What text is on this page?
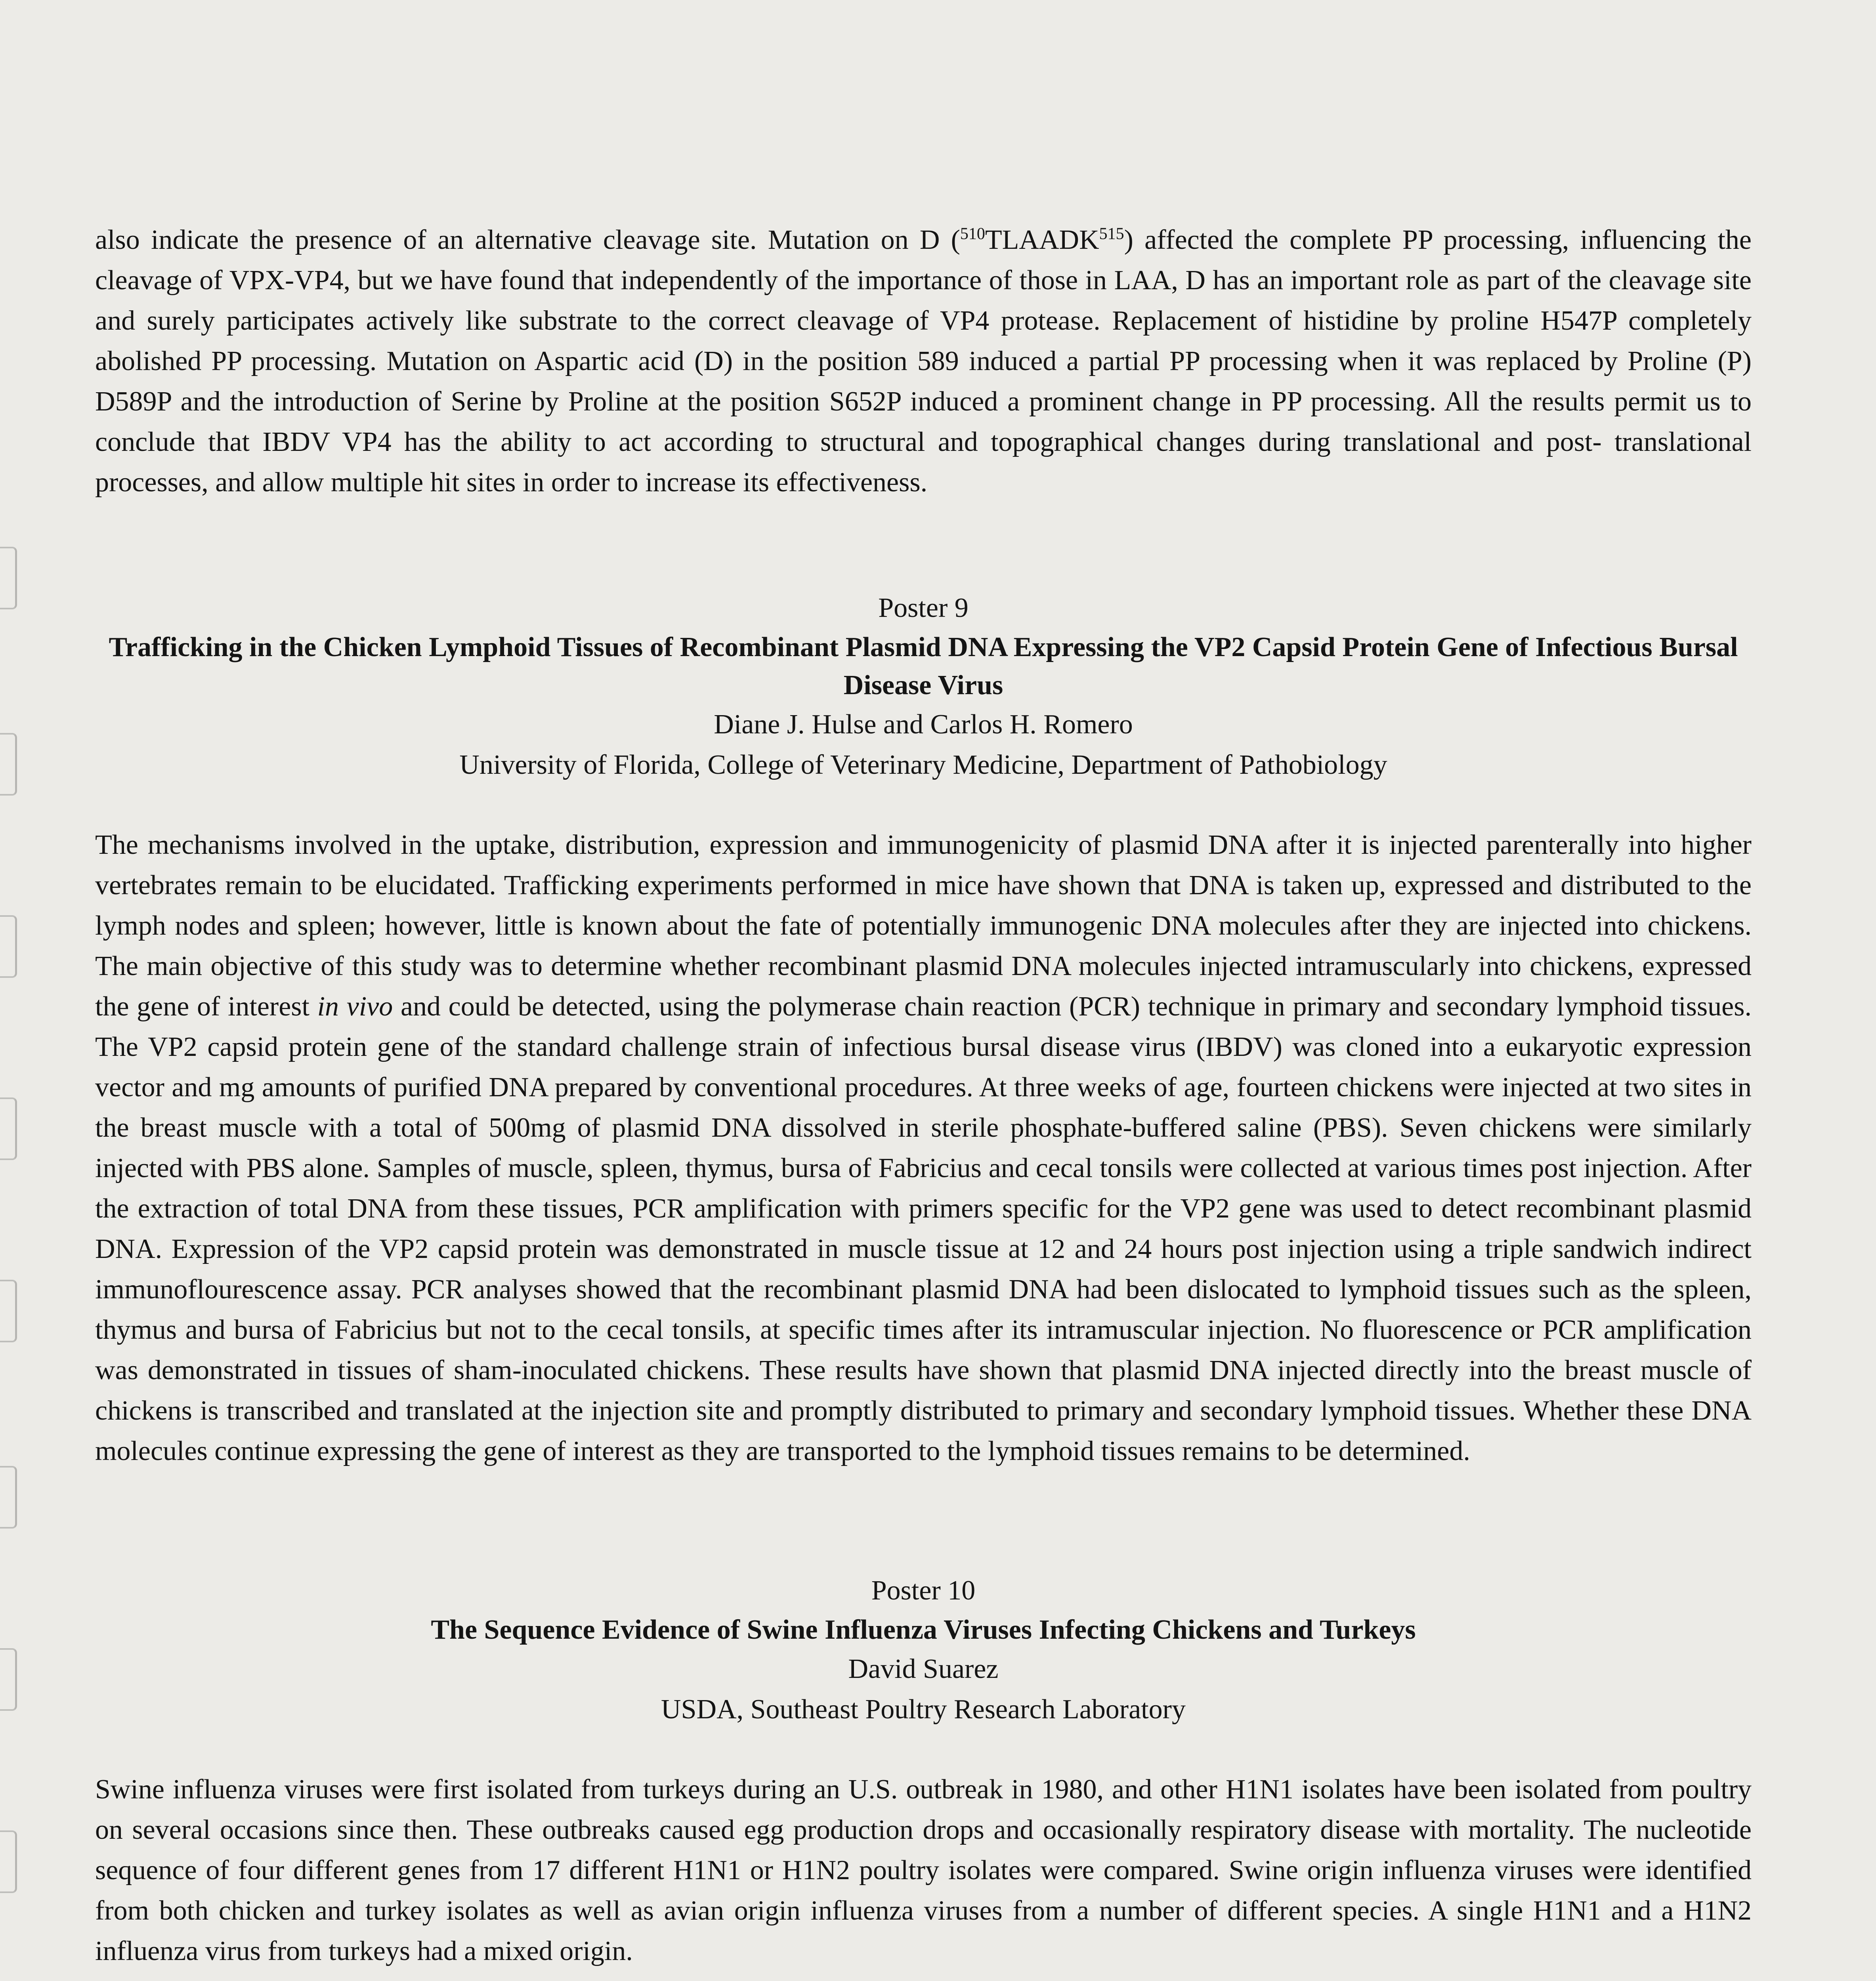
also indicate the presence of an alternative cleavage site. Mutation on D ($^{510}$TLAADK$^{515}$) affected the complete PP processing, influencing the cleavage of VPX-VP4, but we have found that independently of the importance of those in LAA, D has an important role as part of the cleavage site and surely participates actively like substrate to the correct cleavage of VP4 protease. Replacement of histidine by proline H547P completely abolished PP processing. Mutation on Aspartic acid (D) in the position 589 induced a partial PP processing when it was replaced by Proline (P) D589P and the introduction of Serine by Proline at the position S652P induced a prominent change in PP processing. All the results permit us to conclude that IBDV VP4 has the ability to act according to structural and topographical changes during translational and post- translational processes, and allow multiple hit sites in order to increase its effectiveness.

Poster 9
Trafficking in the Chicken Lymphoid Tissues of Recombinant Plasmid DNA Expressing the VP2 Capsid Protein Gene of Infectious Bursal Disease Virus
Diane J. Hulse and Carlos H. Romero
University of Florida, College of Veterinary Medicine, Department of Pathobiology

The mechanisms involved in the uptake, distribution, expression and immunogenicity of plasmid DNA after it is injected parenterally into higher vertebrates remain to be elucidated. Trafficking experiments performed in mice have shown that DNA is taken up, expressed and distributed to the lymph nodes and spleen; however, little is known about the fate of potentially immunogenic DNA molecules after they are injected into chickens. The main objective of this study was to determine whether recombinant plasmid DNA molecules injected intramuscularly into chickens, expressed the gene of interest in vivo and could be detected, using the polymerase chain reaction (PCR) technique in primary and secondary lymphoid tissues. The VP2 capsid protein gene of the standard challenge strain of infectious bursal disease virus (IBDV) was cloned into a eukaryotic expression vector and mg amounts of purified DNA prepared by conventional procedures. At three weeks of age, fourteen chickens were injected at two sites in the breast muscle with a total of 500mg of plasmid DNA dissolved in sterile phosphate-buffered saline (PBS). Seven chickens were similarly injected with PBS alone. Samples of muscle, spleen, thymus, bursa of Fabricius and cecal tonsils were collected at various times post injection. After the extraction of total DNA from these tissues, PCR amplification with primers specific for the VP2 gene was used to detect recombinant plasmid DNA. Expression of the VP2 capsid protein was demonstrated in muscle tissue at 12 and 24 hours post injection using a triple sandwich indirect immunoflourescence assay. PCR analyses showed that the recombinant plasmid DNA had been dislocated to lymphoid tissues such as the spleen, thymus and bursa of Fabricius but not to the cecal tonsils, at specific times after its intramuscular injection. No fluorescence or PCR amplification was demonstrated in tissues of sham-inoculated chickens. These results have shown that plasmid DNA injected directly into the breast muscle of chickens is transcribed and translated at the injection site and promptly distributed to primary and secondary lymphoid tissues. Whether these DNA molecules continue expressing the gene of interest as they are transported to the lymphoid tissues remains to be determined.

Poster 10
The Sequence Evidence of Swine Influenza Viruses Infecting Chickens and Turkeys
David Suarez
USDA, Southeast Poultry Research Laboratory

Swine influenza viruses were first isolated from turkeys during an U.S. outbreak in 1980, and other H1N1 isolates have been isolated from poultry on several occasions since then. These outbreaks caused egg production drops and occasionally respiratory disease with mortality. The nucleotide sequence of four different genes from 17 different H1N1 or H1N2 poultry isolates were compared. Swine origin influenza viruses were identified from both chicken and turkey isolates as well as avian origin influenza viruses from a number of different species. A single H1N1 and a H1N2 influenza virus from turkeys had a mixed origin.
